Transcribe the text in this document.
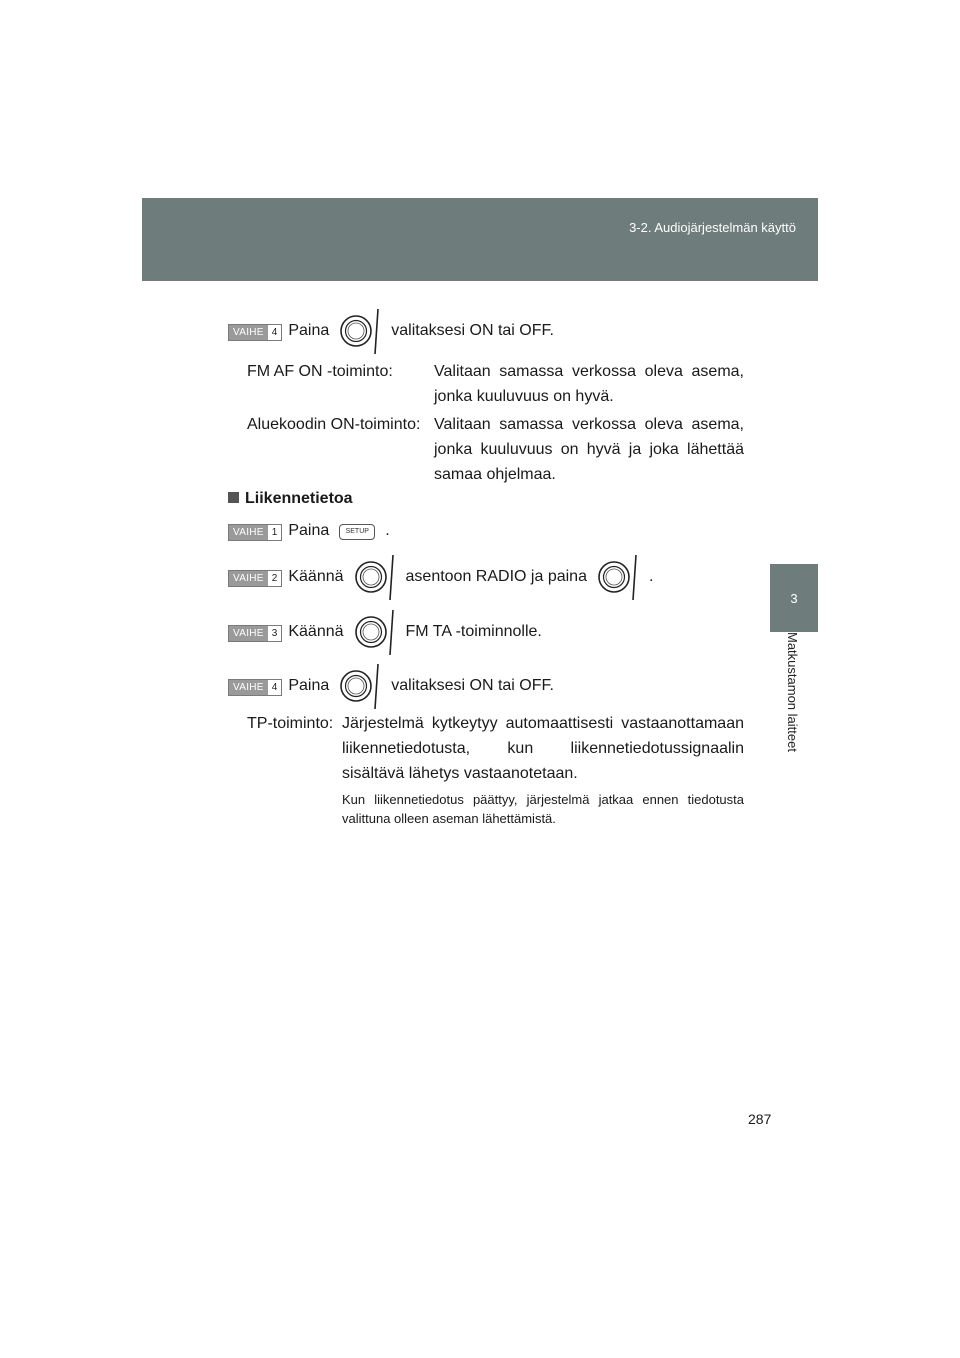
3-2. Audiojärjestelmän käyttö
3
Matkustamon laitteet
VAIHE 4 Paina	valitaksesi ON tai OFF.
FM AF ON -toiminto:	Valitaan samassa verkossa oleva asema, jonka kuuluvuus on hyvä.
Aluekoodin ON-toiminto: Valitaan samassa verkossa oleva asema, jonka kuuluvuus on hyvä ja joka lähettää samaa ohjelmaa.
Liikennetietoa
VAIHE 1 Paina	SETUP	.
VAIHE 2 Käännä	asentoon RADIO ja paina	.
VAIHE 3 Käännä	FM TA -toiminnolle.
VAIHE 4 Paina	valitaksesi ON tai OFF.
TP-toiminto: Järjestelmä kytkeytyy automaattisesti vastaanottamaan liikennetiedotusta, kun liikennetiedotussignaalin sisältävä lähetys vastaanotetaan.
Kun liikennetiedotus päättyy, järjestelmä jatkaa ennen tiedotusta valittuna olleen aseman lähettämistä.
287
